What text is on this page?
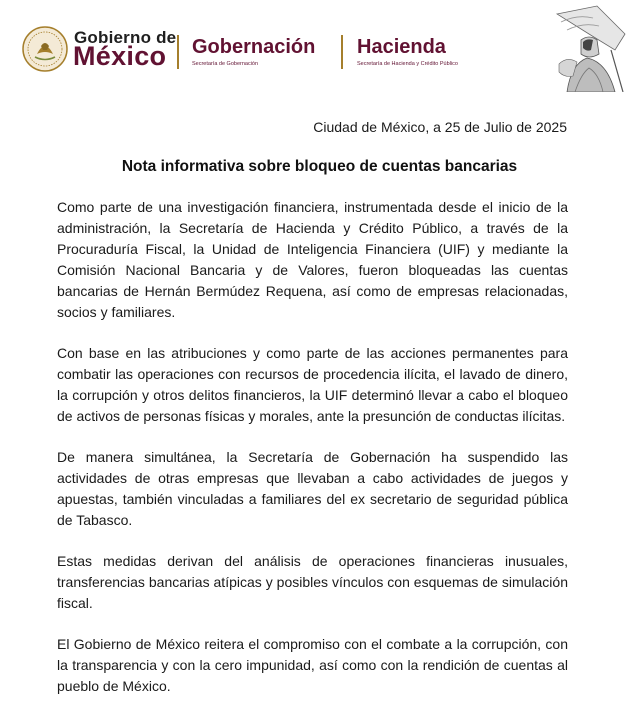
Gobierno de
México Gobernación
Secretaría de Gobernación
Hacienda
Secretaría de Hacienda y Crédito Público
Ciudad de México, a 25 de Julio de 2025
Nota informativa sobre bloqueo de cuentas bancarias

Como parte de una investigación financiera, instrumentada desde el inicio de la administración, la Secretaría de Hacienda y Crédito Público, a través de la Procuraduría Fiscal, la Unidad de Inteligencia Financiera (UIF) y mediante la Comisión Nacional Bancaria y de Valores, fueron bloqueadas las cuentas bancarias de Hernán Bermúdez Requena, así como de empresas relacionadas, socios y familiares.

Con base en las atribuciones y como parte de las acciones permanentes para combatir las operaciones con recursos de procedencia ilícita, el lavado de dinero, la corrupción y otros delitos financieros, la UIF determinó llevar a cabo el bloqueo de activos de personas físicas y morales, ante la presunción de conductas ilícitas.

De manera simultánea, la Secretaría de Gobernación ha suspendido las actividades de otras empresas que llevaban a cabo actividades de juegos y apuestas, también vinculadas a familiares del ex secretario de seguridad pública de Tabasco.

Estas medidas derivan del análisis de operaciones financieras inusuales, transferencias bancarias atípicas y posibles vínculos con esquemas de simulación fiscal.

El Gobierno de México reitera el compromiso con el combate a la corrupción, con la transparencia y con la cero impunidad, así como con la rendición de cuentas al pueblo de México.
